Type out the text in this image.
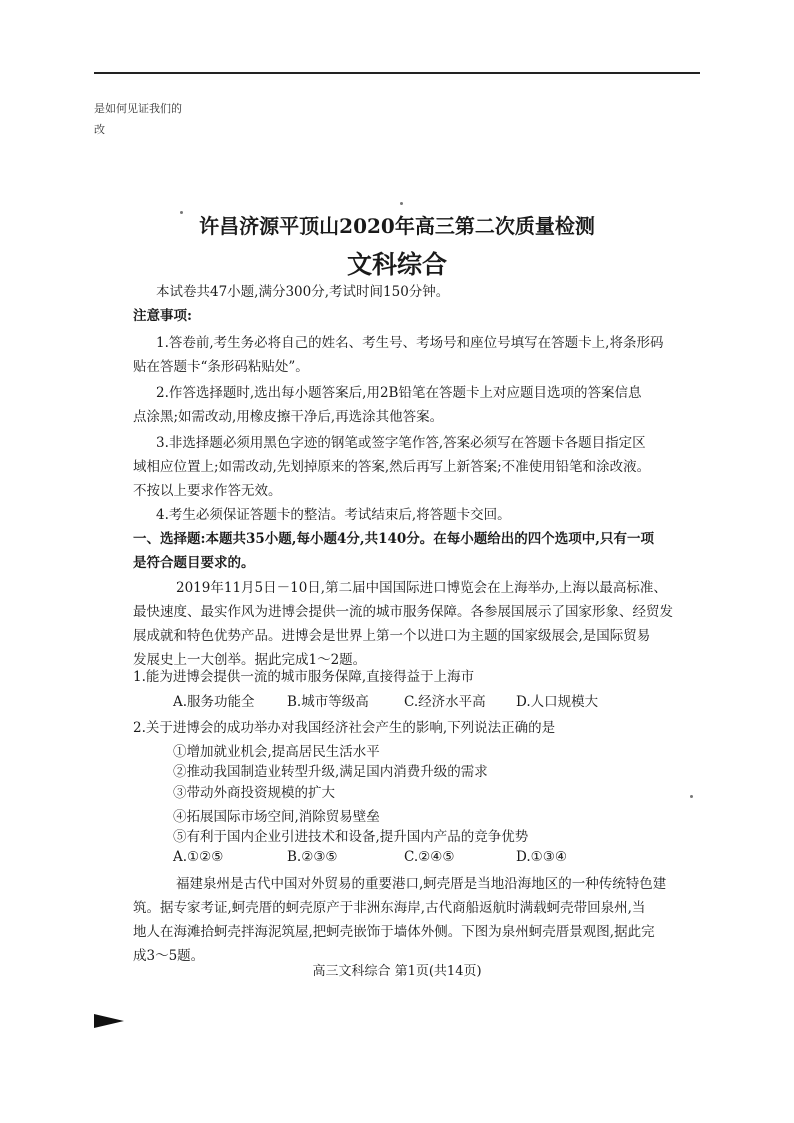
是如何见证我们的
改
许昌济源平顶山2020年高三第二次质量检测
文科综合
本试卷共47小题,满分300分,考试时间150分钟。
注意事项:
1.答卷前,考生务必将自己的姓名、考生号、考场号和座位号填写在答题卡上,将条形码
贴在答题卡“条形码粘贴处”。
2.作答选择题时,选出每小题答案后,用2B铅笔在答题卡上对应题目选项的答案信息
点涂黑;如需改动,用橡皮擦干净后,再选涂其他答案。
3.非选择题必须用黑色字迹的钢笔或签字笔作答,答案必须写在答题卡各题目指定区
域相应位置上;如需改动,先划掉原来的答案,然后再写上新答案;不准使用铅笔和涂改液。
不按以上要求作答无效。
4.考生必须保证答题卡的整洁。考试结束后,将答题卡交回。
一、选择题:本题共35小题,每小题4分,共140分。在每小题给出的四个选项中,只有一项
是符合题目要求的。
2019年11月5日－10日,第二届中国国际进口博览会在上海举办,上海以最高标准、
最快速度、最实作风为进博会提供一流的城市服务保障。各参展国展示了国家形象、经贸发
展成就和特色优势产品。进博会是世界上第一个以进口为主题的国家级展会,是国际贸易
发展史上一大创举。据此完成1～2题。
1.能为进博会提供一流的城市服务保障,直接得益于上海市
A.服务功能全 B.城市等级高	C.经济水平高 D.人口规模大
2.关于进博会的成功举办对我国经济社会产生的影响,下列说法正确的是
①增加就业机会,提高居民生活水平
②推动我国制造业转型升级,满足国内消费升级的需求
③带动外商投资规模的扩大
④拓展国际市场空间,消除贸易壁垒
⑤有利于国内企业引进技术和设备,提升国内产品的竞争优势
A.①②⑤	B.②③⑤	C.②④⑤	D.①③④
福建泉州是古代中国对外贸易的重要港口,蚵壳厝是当地沿海地区的一种传统特色建
筑。据专家考证,蚵壳厝的蚵壳原产于非洲东海岸,古代商船返航时满载蚵壳带回泉州,当
地人在海滩拾蚵壳拌海泥筑屋,把蚵壳嵌饰于墙体外侧。下图为泉州蚵壳厝景观图,据此完
成3～5题。
高三文科综合 第1页(共14页)
